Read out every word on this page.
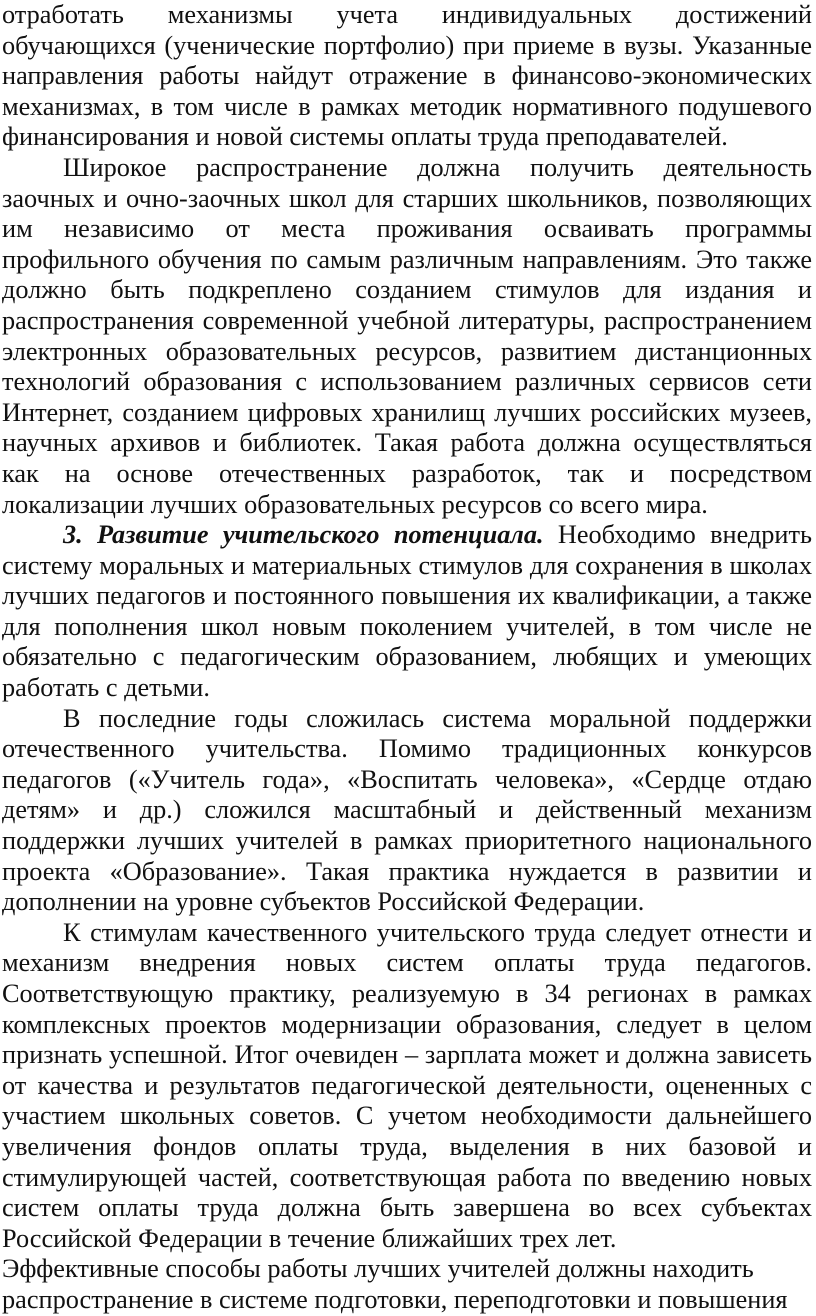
отработать механизмы учета индивидуальных достижений обучающихся (ученические портфолио) при приеме в вузы. Указанные направления работы найдут отражение в финансово-экономических механизмах, в том числе в рамках методик нормативного подушевого финансирования и новой системы оплаты труда преподавателей.

Широкое распространение должна получить деятельность заочных и очно-заочных школ для старших школьников, позволяющих им независимо от места проживания осваивать программы профильного обучения по самым различным направлениям. Это также должно быть подкреплено созданием стимулов для издания и распространения современной учебной литературы, распространением электронных образовательных ресурсов, развитием дистанционных технологий образования с использованием различных сервисов сети Интернет, созданием цифровых хранилищ лучших российских музеев, научных архивов и библиотек. Такая работа должна осуществляться как на основе отечественных разработок, так и посредством локализации лучших образовательных ресурсов со всего мира.

3. Развитие учительского потенциала. Необходимо внедрить систему моральных и материальных стимулов для сохранения в школах лучших педагогов и постоянного повышения их квалификации, а также для пополнения школ новым поколением учителей, в том числе не обязательно с педагогическим образованием, любящих и умеющих работать с детьми.

В последние годы сложилась система моральной поддержки отечественного учительства. Помимо традиционных конкурсов педагогов («Учитель года», «Воспитать человека», «Сердце отдаю детям» и др.) сложился масштабный и действенный механизм поддержки лучших учителей в рамках приоритетного национального проекта «Образование». Такая практика нуждается в развитии и дополнении на уровне субъектов Российской Федерации.

К стимулам качественного учительского труда следует отнести и механизм внедрения новых систем оплаты труда педагогов. Соответствующую практику, реализуемую в 34 регионах в рамках комплексных проектов модернизации образования, следует в целом признать успешной. Итог очевиден – зарплата может и должна зависеть от качества и результатов педагогической деятельности, оцененных с участием школьных советов. С учетом необходимости дальнейшего увеличения фондов оплаты труда, выделения в них базовой и стимулирующей частей, соответствующая работа по введению новых систем оплаты труда должна быть завершена во всех субъектах Российской Федерации в течение ближайших трех лет.

Эффективные способы работы лучших учителей должны находить распространение в системе подготовки, переподготовки и повышения
